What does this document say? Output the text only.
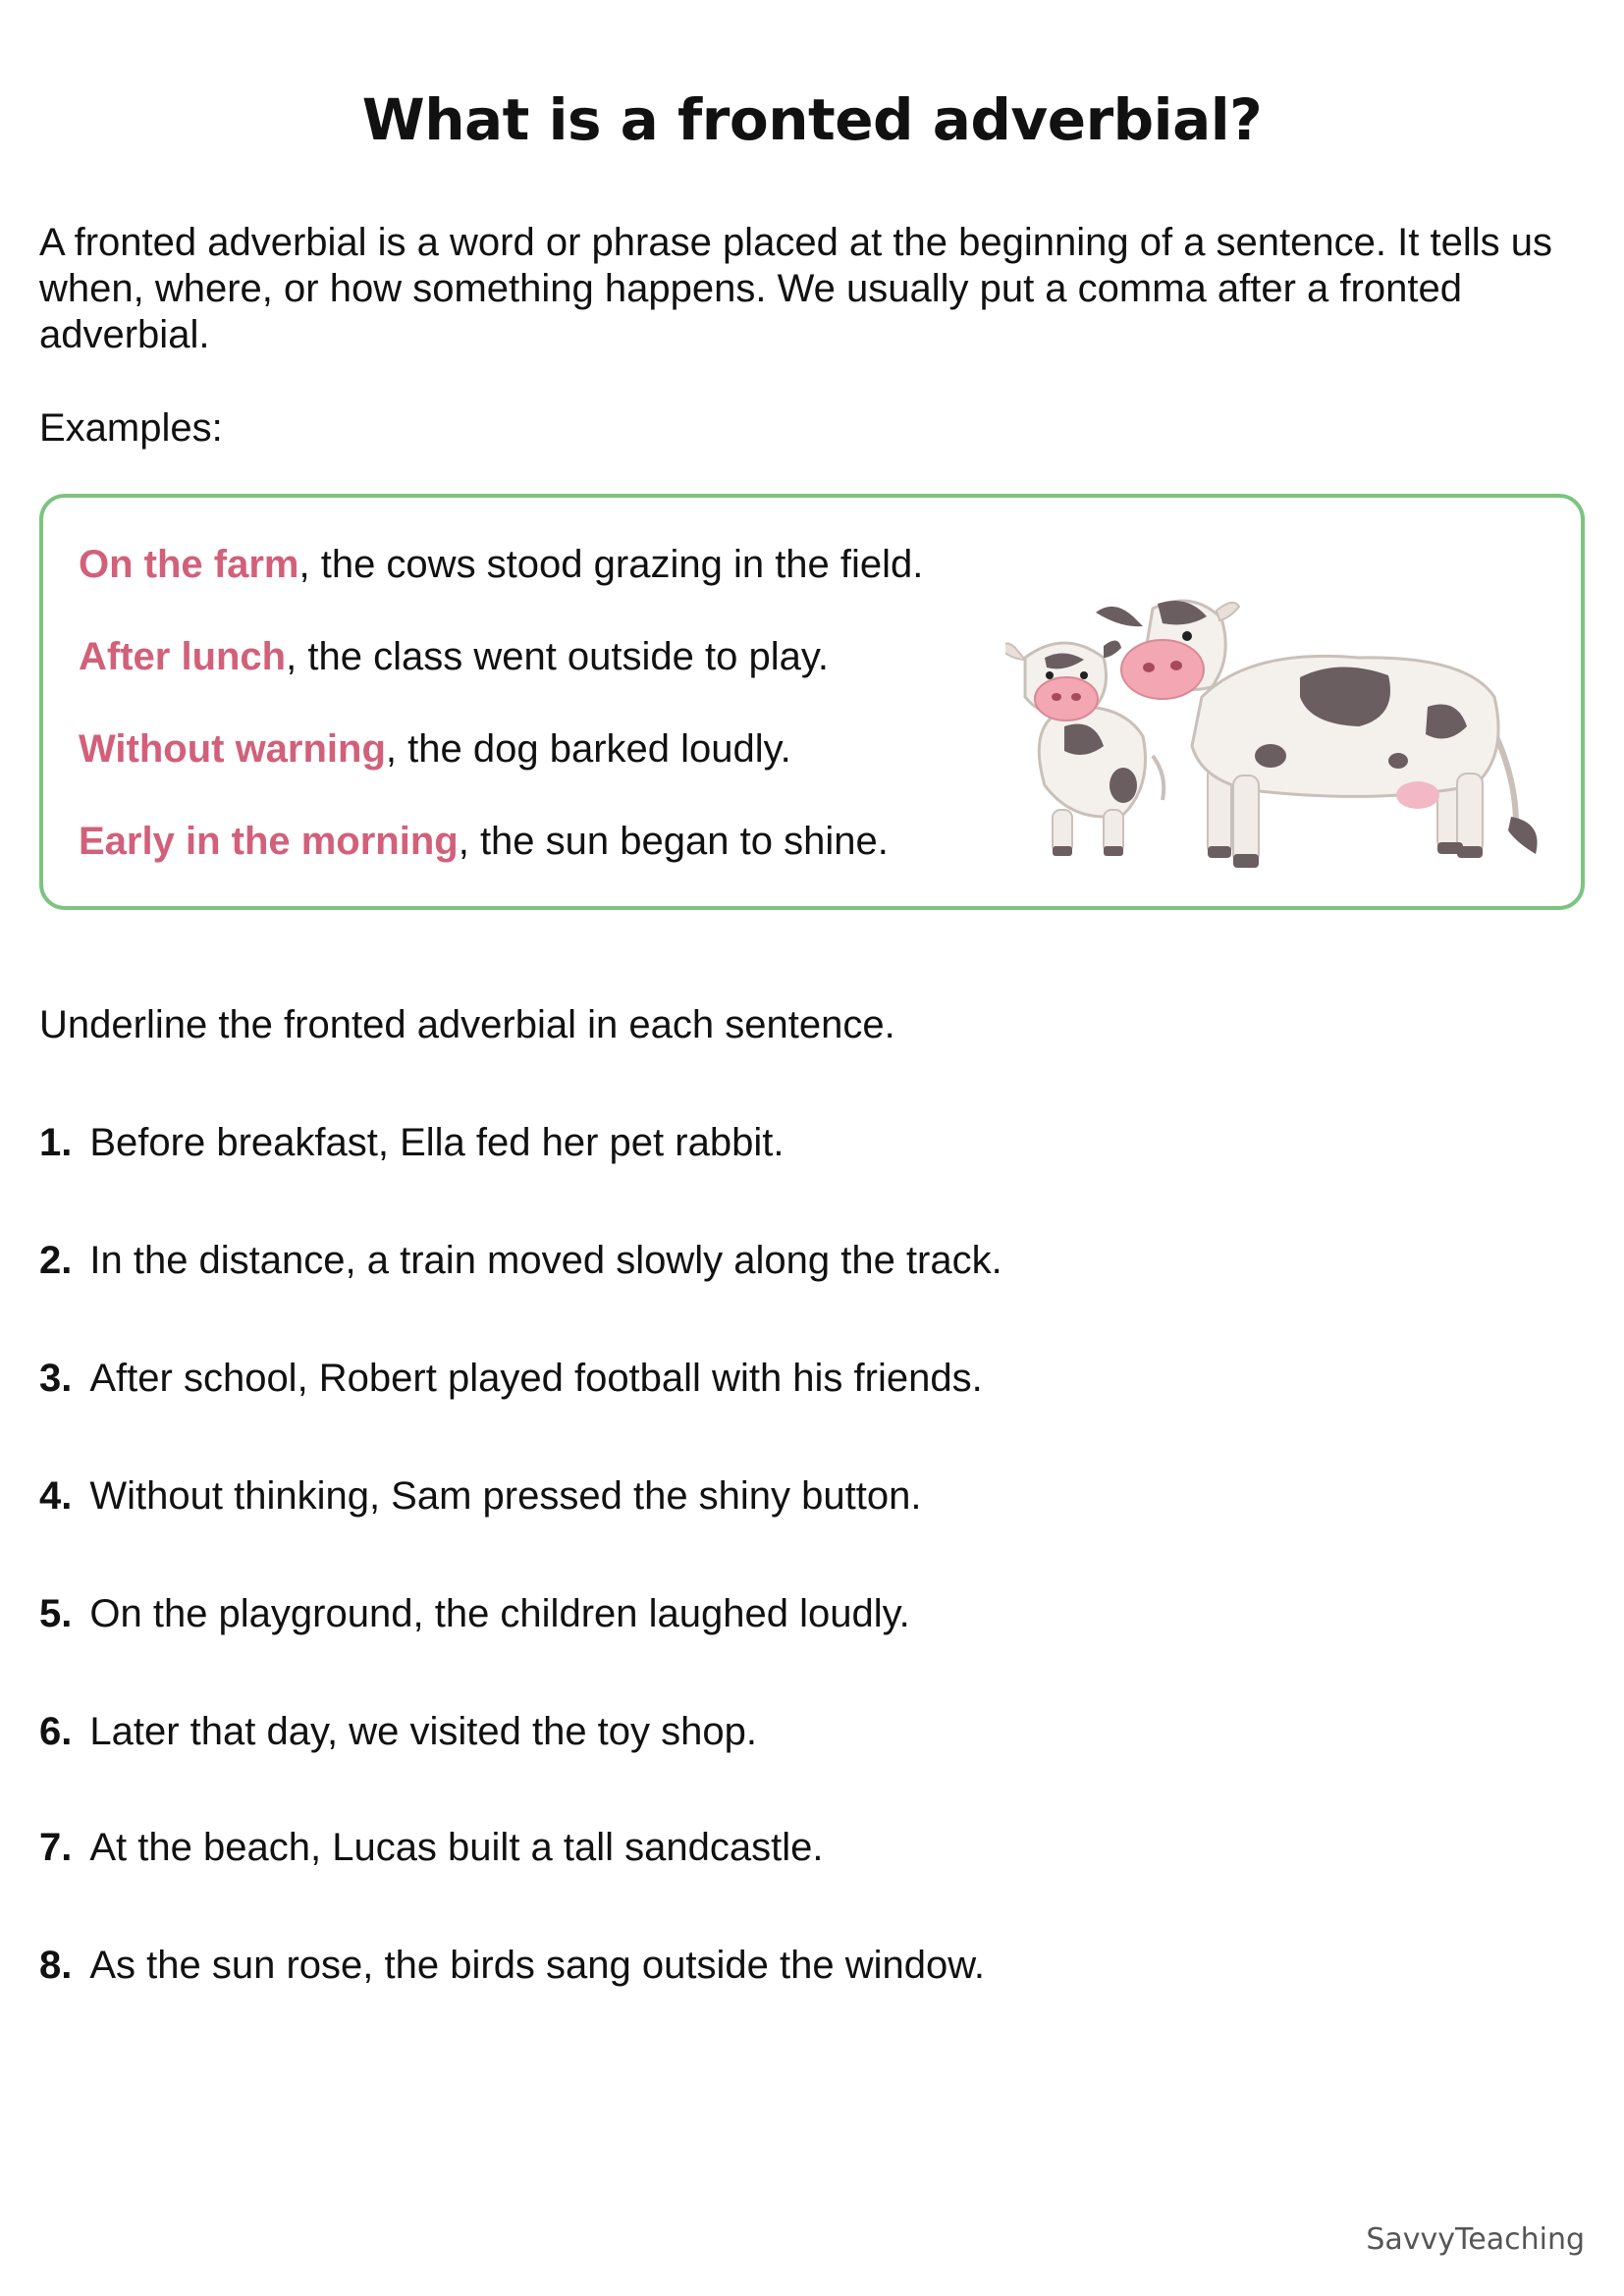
What is a fronted adverbial?
A fronted adverbial is a word or phrase placed at the beginning of a sentence. It tells us when, where, or how something happens. We usually put a comma after a fronted adverbial.
Examples:
On the farm, the cows stood grazing in the field.
After lunch, the class went outside to play.
Without warning, the dog barked loudly.
Early in the morning, the sun began to shine.
Underline the fronted adverbial in each sentence.
1. Before breakfast, Ella fed her pet rabbit.
2. In the distance, a train moved slowly along the track.
3. After school, Robert played football with his friends.
4. Without thinking, Sam pressed the shiny button.
5. On the playground, the children laughed loudly.
6. Later that day, we visited the toy shop.
7. At the beach, Lucas built a tall sandcastle.
8. As the sun rose, the birds sang outside the window.
SavvyTeaching
